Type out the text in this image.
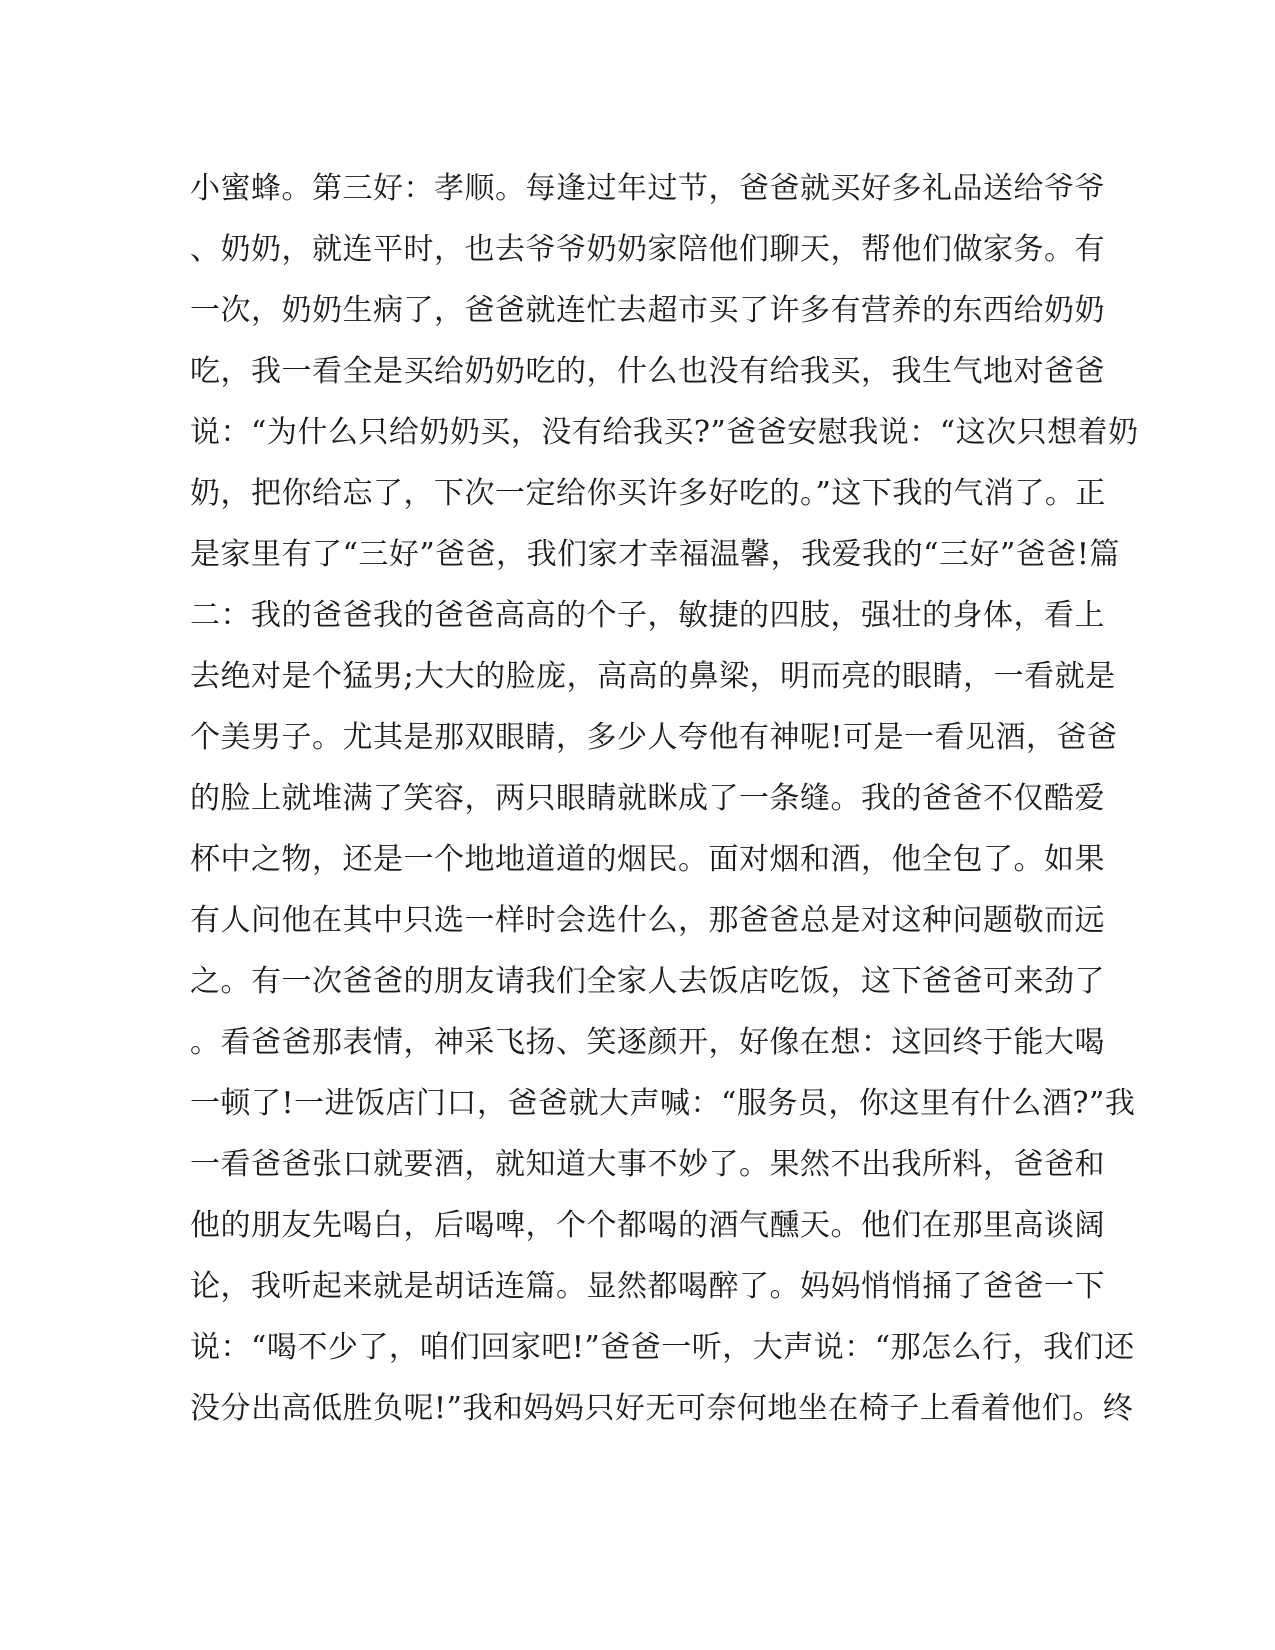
小蜜蜂。第三好：孝顺。每逢过年过节，爸爸就买好多礼品送给爷爷
、奶奶，就连平时，也去爷爷奶奶家陪他们聊天，帮他们做家务。有
一次，奶奶生病了，爸爸就连忙去超市买了许多有营养的东西给奶奶
吃，我一看全是买给奶奶吃的，什么也没有给我买，我生气地对爸爸
说：“为什么只给奶奶买，没有给我买?”爸爸安慰我说：“这次只想着奶
奶，把你给忘了，下次一定给你买许多好吃的。”这下我的气消了。正
是家里有了“三好”爸爸，我们家才幸福温馨，我爱我的“三好”爸爸!篇
二：我的爸爸我的爸爸高高的个子，敏捷的四肢，强壮的身体，看上
去绝对是个猛男;大大的脸庞，高高的鼻梁，明而亮的眼睛，一看就是
个美男子。尤其是那双眼睛，多少人夸他有神呢!可是一看见酒，爸爸
的脸上就堆满了笑容，两只眼睛就眯成了一条缝。我的爸爸不仅酷爱
杯中之物，还是一个地地道道的烟民。面对烟和酒，他全包了。如果
有人问他在其中只选一样时会选什么，那爸爸总是对这种问题敬而远
之。有一次爸爸的朋友请我们全家人去饭店吃饭，这下爸爸可来劲了
。看爸爸那表情，神采飞扬、笑逐颜开，好像在想：这回终于能大喝
一顿了!一进饭店门口，爸爸就大声喊：“服务员，你这里有什么酒?”我
一看爸爸张口就要酒，就知道大事不妙了。果然不出我所料，爸爸和
他的朋友先喝白，后喝啤，个个都喝的酒气醺天。他们在那里高谈阔
论，我听起来就是胡话连篇。显然都喝醉了。妈妈悄悄捅了爸爸一下
说：“喝不少了，咱们回家吧!”爸爸一听，大声说：“那怎么行，我们还
没分出高低胜负呢!”我和妈妈只好无可奈何地坐在椅子上看着他们。终
